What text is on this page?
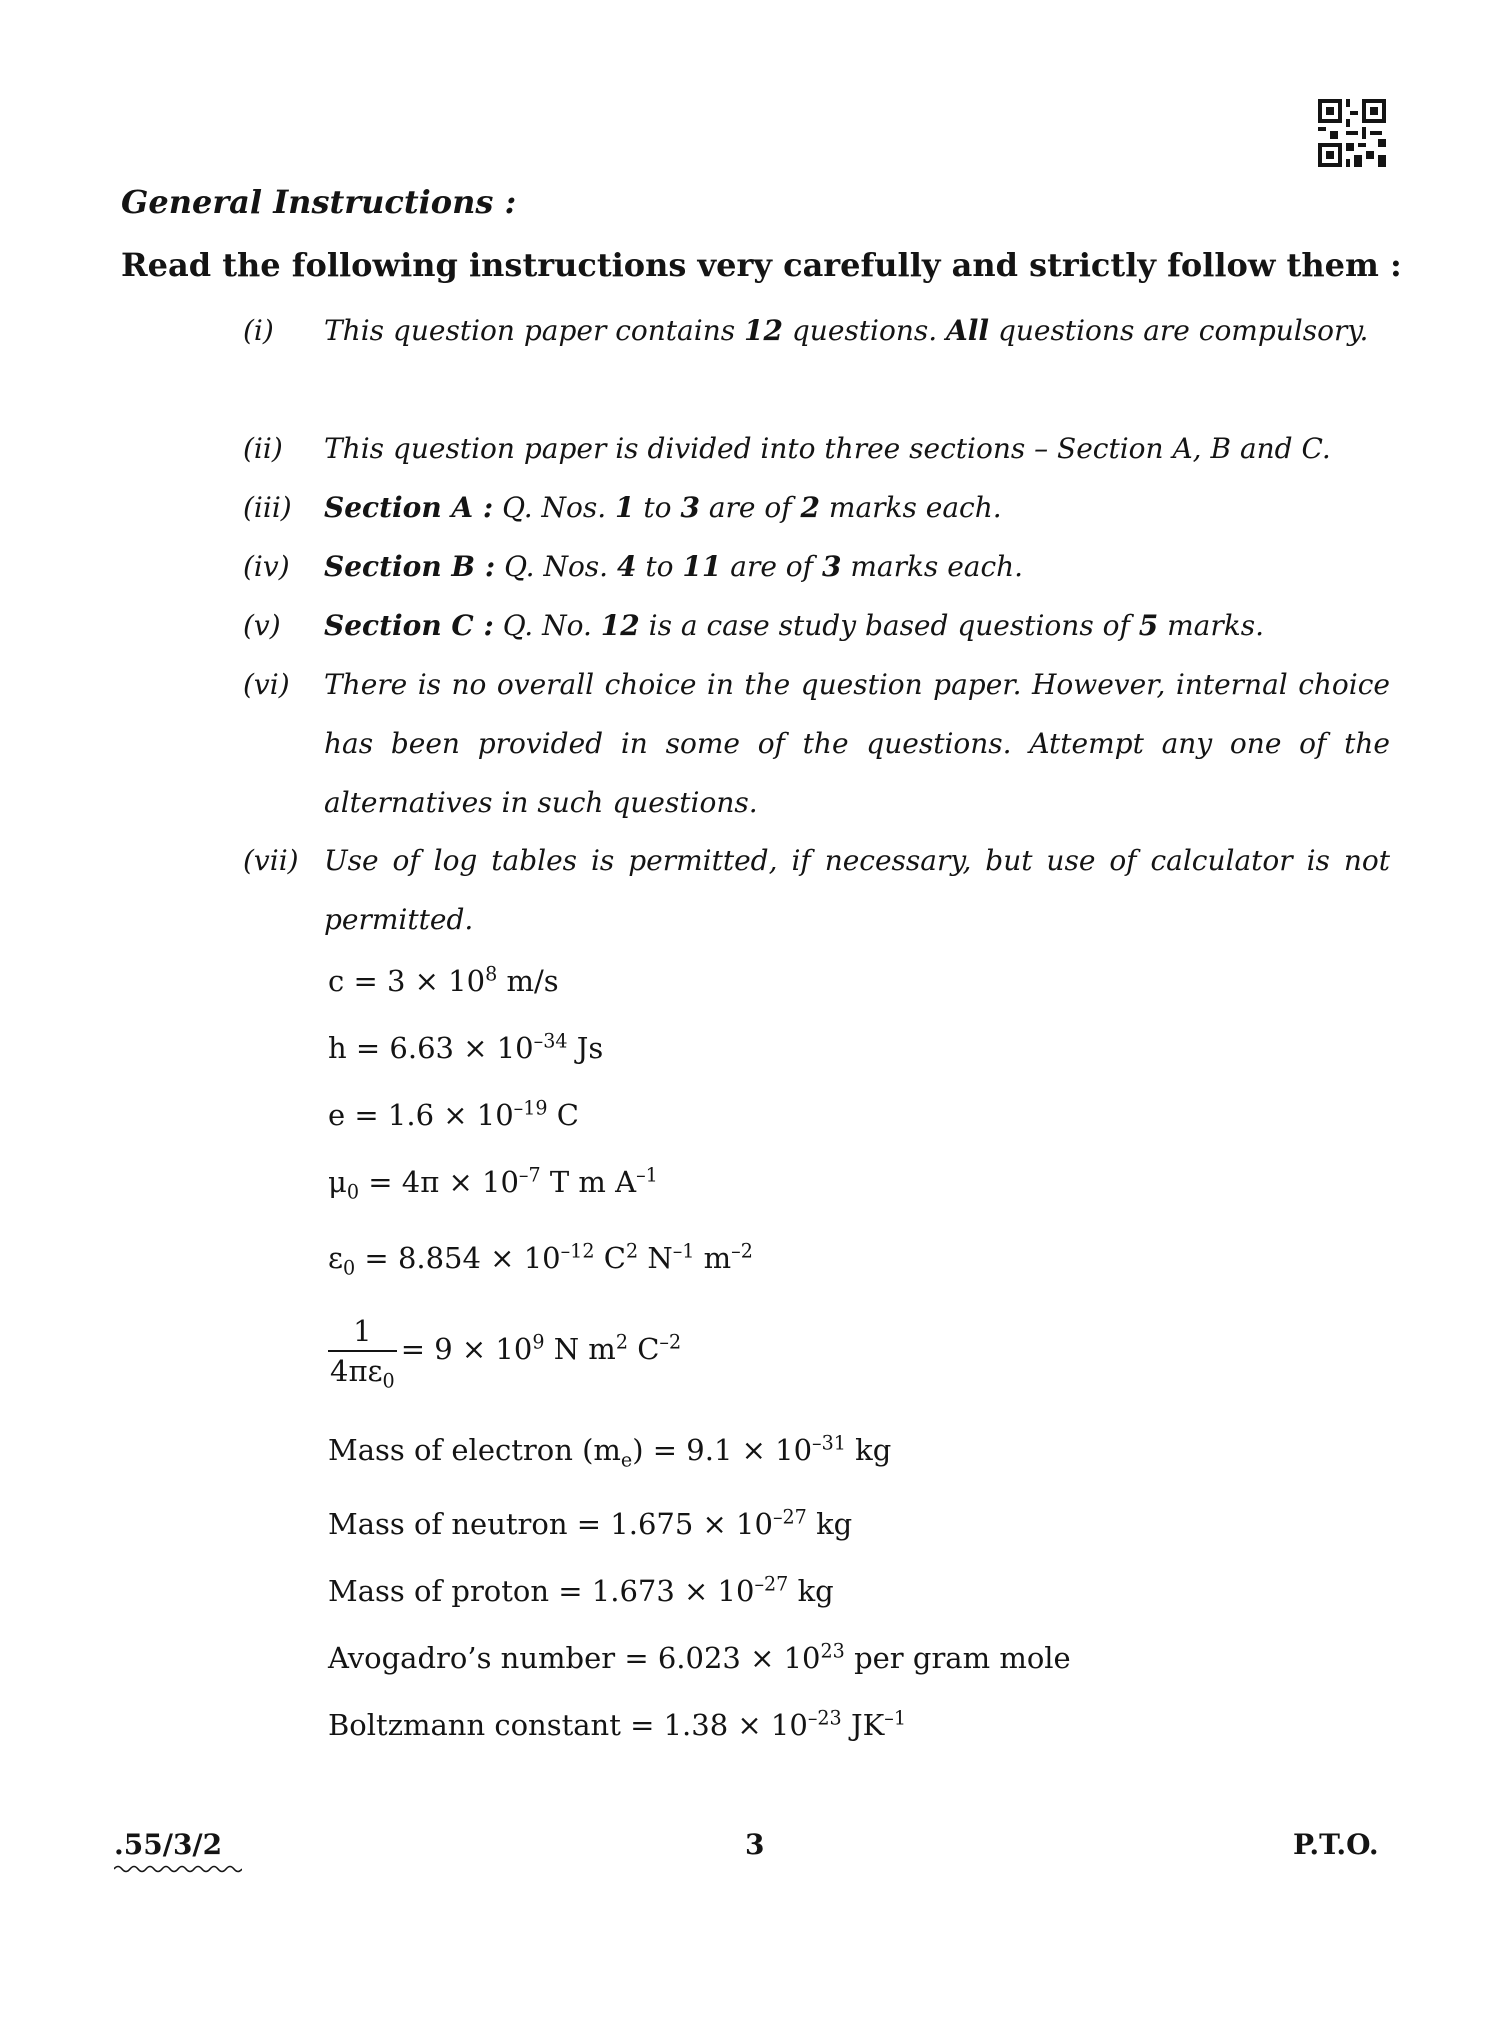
General Instructions :
Read the following instructions very carefully and strictly follow them :
(i) This question paper contains 12 questions. All questions are compulsory.
(ii) This question paper is divided into three sections – Section A, B and C.
(iii) Section A : Q. Nos. 1 to 3 are of 2 marks each.
(iv) Section B : Q. Nos. 4 to 11 are of 3 marks each.
(v) Section C : Q. No. 12 is a case study based questions of 5 marks.
(vi) There is no overall choice in the question paper. However, internal choice has been provided in some of the questions. Attempt any one of the alternatives in such questions.
(vii) Use of log tables is permitted, if necessary, but use of calculator is not permitted.
$c = 3 \times 10^8$ m/s
$h = 6.63 \times 10^{-34}$ Js
$e = 1.6 \times 10^{-19}$ C
$\mu_0 = 4\pi \times 10^{-7}$ T m $A^{-1}$
$\varepsilon_0 = 8.854 \times 10^{-12}$ $C^2$ $N^{-1}$ $m^{-2}$
$\frac{1}{4\pi\varepsilon_0} = 9 \times 10^9$ N $m^2$ $C^{-2}$
Mass of electron $(m_e) = 9.1 \times 10^{-31}$ kg
Mass of neutron = $1.675 \times 10^{-27}$ kg
Mass of proton = $1.673 \times 10^{-27}$ kg
Avogadro’s number = $6.023 \times 10^{23}$ per gram mole
Boltzmann constant = $1.38 \times 10^{-23}$ $JK^{-1}$
.55/3/2	3	P.T.O.
